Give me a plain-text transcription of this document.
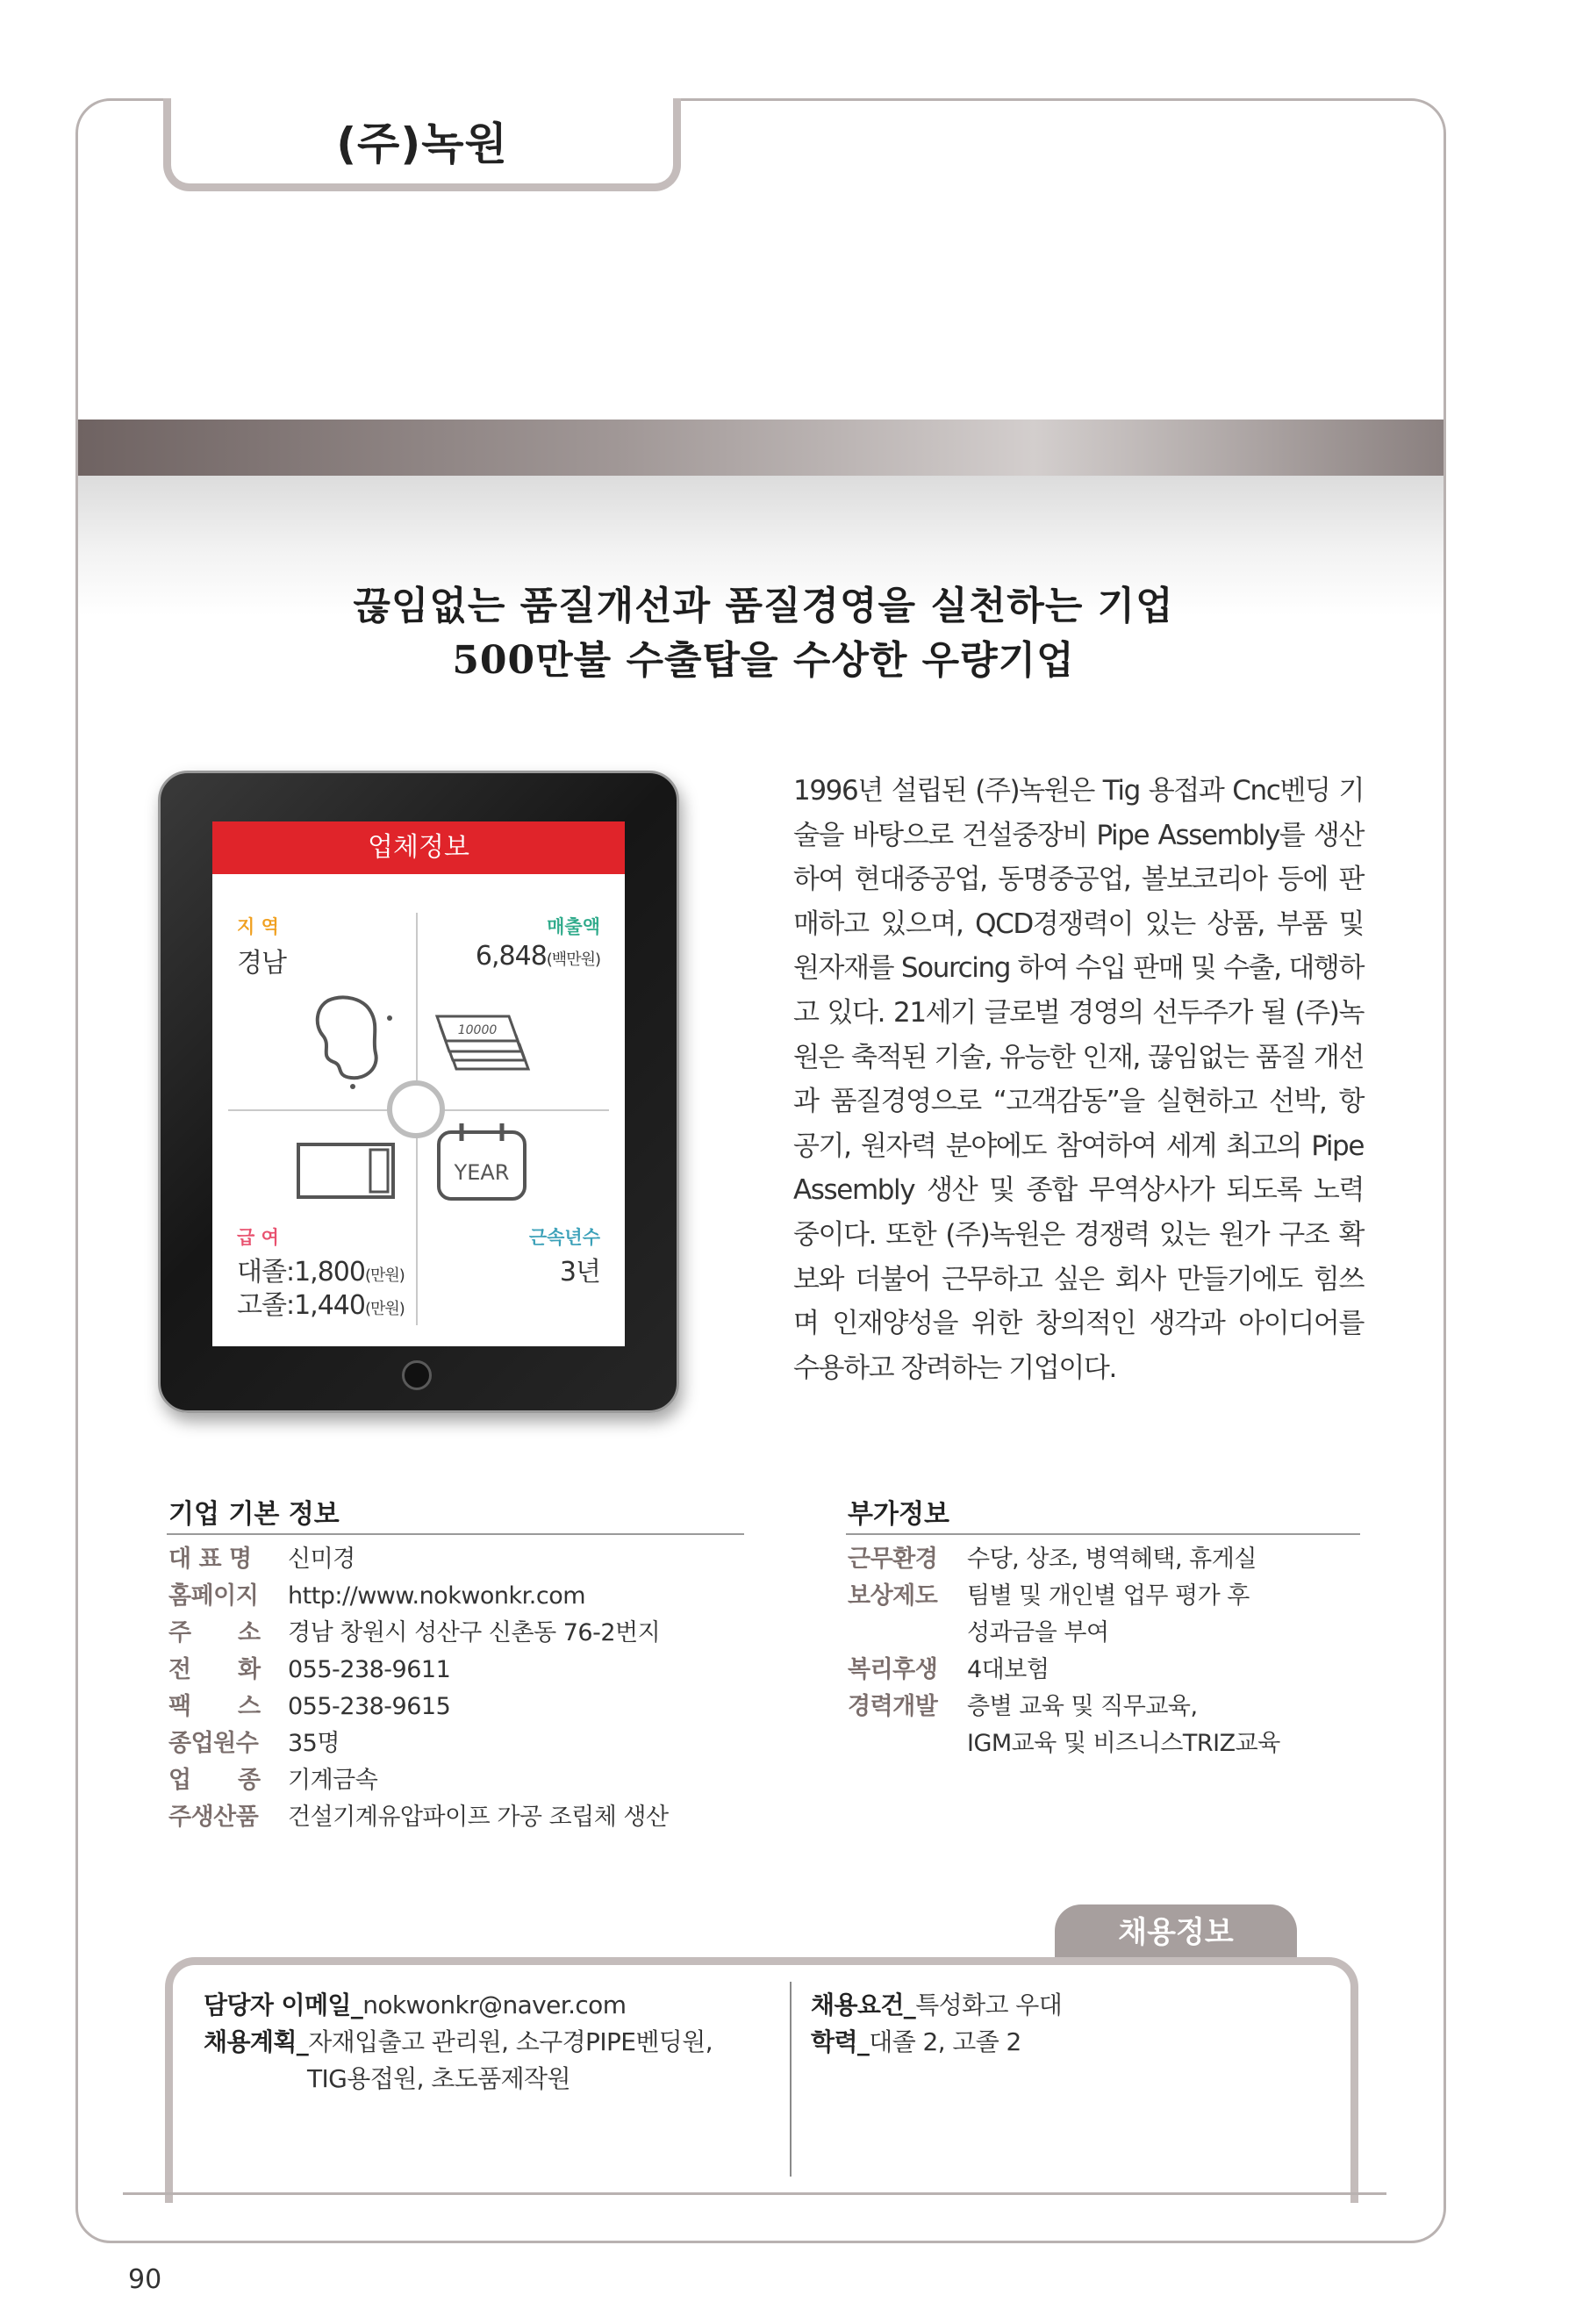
(주)녹원
끊임없는 품질개선과 품질경영을 실천하는 기업
500만불 수출탑을 수상한 우량기업
업체정보
지 역
경남
매출액
6,848(백만원)
10000
급 여
대졸:1,800(만원)
고졸:1,440(만원)
YEAR
근속년수
3년
1996년 설립된 (주)녹원은 Tig 용접과 Cnc벤딩 기술을 바탕으로 건설중장비 Pipe Assembly를 생산하여 현대중공업, 동명중공업, 볼보코리아 등에 판매하고 있으며, QCD경쟁력이 있는 상품, 부품 및 원자재를 Sourcing 하여 수입 판매 및 수출, 대행하고 있다. 21세기 글로벌 경영의 선두주가 될 (주)녹원은 축적된 기술, 유능한 인재, 끊임없는 품질 개선과 품질경영으로 “고객감동”을 실현하고 선박, 항공기, 원자력 분야에도 참여하여 세계 최고의 Pipe Assembly 생산 및 종합 무역상사가 되도록 노력 중이다. 또한 (주)녹원은 경쟁력 있는 원가 구조 확보와 더불어 근무하고 싶은 회사 만들기에도 힘쓰며 인재양성을 위한 창의적인 생각과 아이디어를 수용하고 장려하는 기업이다.
기업 기본 정보
대 표 명 신미경
홈페이지 http://www.nokwonkr.com
주      소 경남 창원시 성산구 신촌동 76-2번지
전      화 055-238-9611
팩      스 055-238-9615
종업원수 35명
업      종 기계금속
주생산품 건설기계유압파이프 가공 조립체 생산
부가정보
근무환경 수당, 상조, 병역혜택, 휴게실
보상제도 팀별 및 개인별 업무 평가 후
성과금을 부여
복리후생 4대보험
경력개발 층별 교육 및 직무교육,
IGM교육 및 비즈니스TRIZ교육
채용정보
담당자 이메일_nokwonkr@naver.com
채용계획_자재입출고 관리원, 소구경PIPE벤딩원,
TIG용접원, 초도품제작원
채용요건_특성화고 우대
학력_대졸 2, 고졸 2
90
